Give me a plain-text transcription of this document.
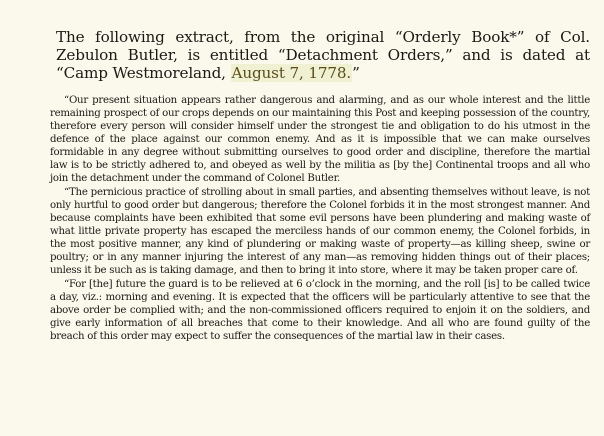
The following extract, from the original “Orderly Book*” of Col. Zebulon Butler, is entitled “Detachment Orders,” and is dated at “Camp Westmoreland, August 7, 1778.”

“Our present situation appears rather dangerous and alarming, and as our whole interest and the little remaining prospect of our crops depends on our maintaining this Post and keeping possession of the country, therefore every person will consider himself under the strongest tie and obligation to do his utmost in the defence of the place against our common enemy. And as it is impossible that we can make ourselves formidable in any degree without submitting ourselves to good order and discipline, therefore the martial law is to be strictly adhered to, and obeyed as well by the militia as [by the] Continental troops and all who join the detachment under the command of Colonel Butler.

“The pernicious practice of strolling about in small parties, and absenting themselves without leave, is not only hurtful to good order but dangerous; therefore the Colonel forbids it in the most strongest manner. And because complaints have been exhibited that some evil persons have been plundering and making waste of what little private property has escaped the merciless hands of our common enemy, the Colonel forbids, in the most positive manner, any kind of plundering or making waste of property—as killing sheep, swine or poultry; or in any manner injuring the interest of any man—as removing hidden things out of their places; unless it be such as is taking damage, and then to bring it into store, where it may be taken proper care of.

“For [the] future the guard is to be relieved at 6 o’clock in the morning, and the roll [is] to be called twice a day, viz.: morning and evening. It is expected that the officers will be particularly attentive to see that the above order be complied with; and the non-commissioned officers required to enjoin it on the soldiers, and give early information of all breaches that come to their knowledge. And all who are found guilty of the breach of this order may expect to suffer the consequences of the martial law in their cases.
